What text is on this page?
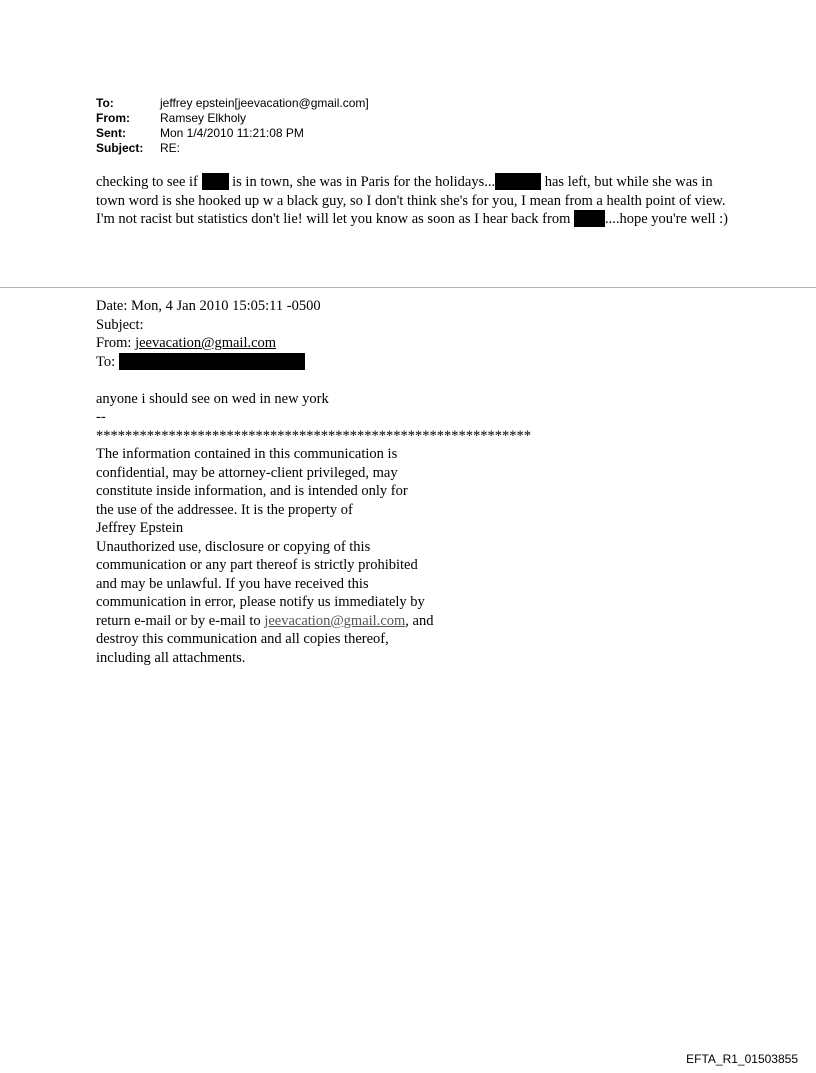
To:	jeffrey epstein[jeevacation@gmail.com]
From:	Ramsey Elkholy
Sent:	Mon 1/4/2010 11:21:08 PM
Subject:	RE:

checking to see if  is in town, she was in Paris for the holidays...	has left, but while she was in town word is she hooked up w a black guy, so I don't think she's for you, I mean from a health point of view. I'm not racist but statistics don't lie! will let you know as soon as I hear back from ....hope you're well :)

Date: Mon, 4 Jan 2010 15:05:11 -0500
Subject:
From: jeevacation@gmail.com
To:
anyone i should see on wed in new york
--
************************************************************
The information contained in this communication is
confidential, may be attorney-client privileged, may
constitute inside information, and is intended only for
the use of the addressee. It is the property of
Jeffrey Epstein
Unauthorized use, disclosure or copying of this
communication or any part thereof is strictly prohibited
and may be unlawful. If you have received this
communication in error, please notify us immediately by
return e-mail or by e-mail to jeevacation@gmail.com, and
destroy this communication and all copies thereof,
including all attachments.
EFTA_R1_01503855
